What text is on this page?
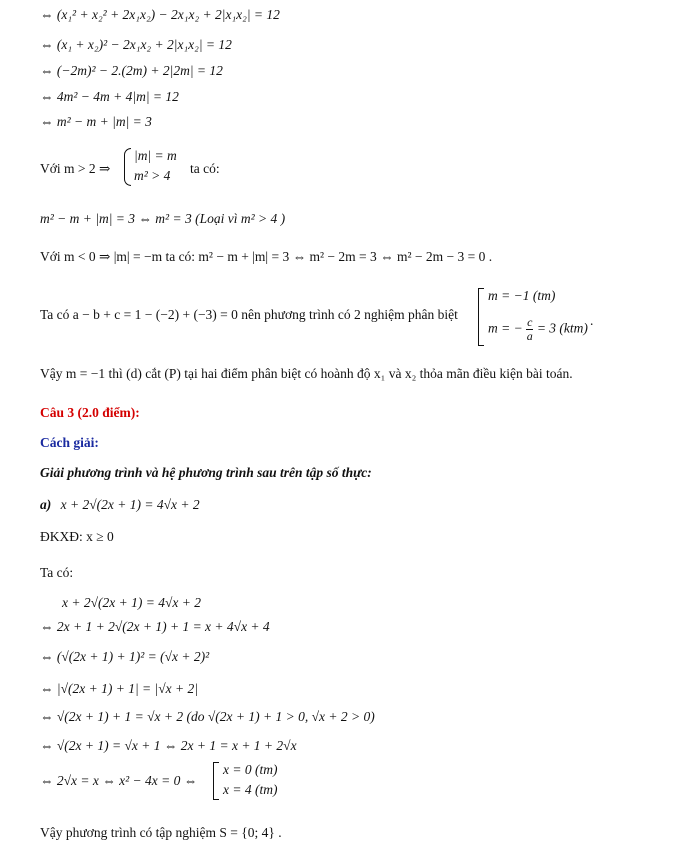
⇔ (x₁² + x₂² + 2x₁x₂) − 2x₁x₂ + 2|x₁x₂| = 12
⇔ (x₁ + x₂)² − 2x₁x₂ + 2|x₁x₂| = 12
⇔ (−2m)² − 2.(2m) + 2|2m| = 12
⇔ 4m² − 4m + 4|m| = 12
⇔ m² − m + |m| = 3
Với m > 2 ⇒
|m| = m
m² > 4 ta có:
m² − m + |m| = 3 ⇔ m² = 3 (Loại vì m² > 4 )
Với m < 0 ⇒ |m| = −m ta có: m² − m + |m| = 3 ⇔ m² − 2m = 3 ⇔ m² − 2m − 3 = 0 .
Ta có a − b + c = 1 − (−2) + (−3) = 0 nên phương trình có 2 nghiệm phân biệt
m = −1 (tm)
m = − $\frac{c}{a} = 3$ (ktm)
.
Vậy m = −1 thì (d) cắt (P) tại hai điểm phân biệt có hoành độ x₁ và x₂ thỏa mãn điều kiện bài toán.
Câu 3 (2.0 điểm):
Cách giải:
Giải phương trình và hệ phương trình sau trên tập số thực:
a) x + 2√(2x + 1) = 4√x + 2
ĐKXĐ: x ≥ 0
Ta có:
x + 2√(2x + 1) = 4√x + 2
⇔ 2x + 1 + 2√(2x + 1) + 1 = x + 4√x + 4
⇔ (√(2x + 1) + 1)² = (√x + 2)²
⇔ |√(2x + 1) + 1| = |√x + 2|
⇔ √(2x + 1) + 1 = √x + 2 (do √(2x + 1) + 1 > 0, √x + 2 > 0)
⇔ √(2x + 1) = √x + 1 ⇔ 2x + 1 = x + 1 + 2√x
⇔ 2√x = x ⇔ x² − 4x = 0 ⇔
x = 0 (tm)
x = 4 (tm)
Vậy phương trình có tập nghiệm S = {0; 4} .
